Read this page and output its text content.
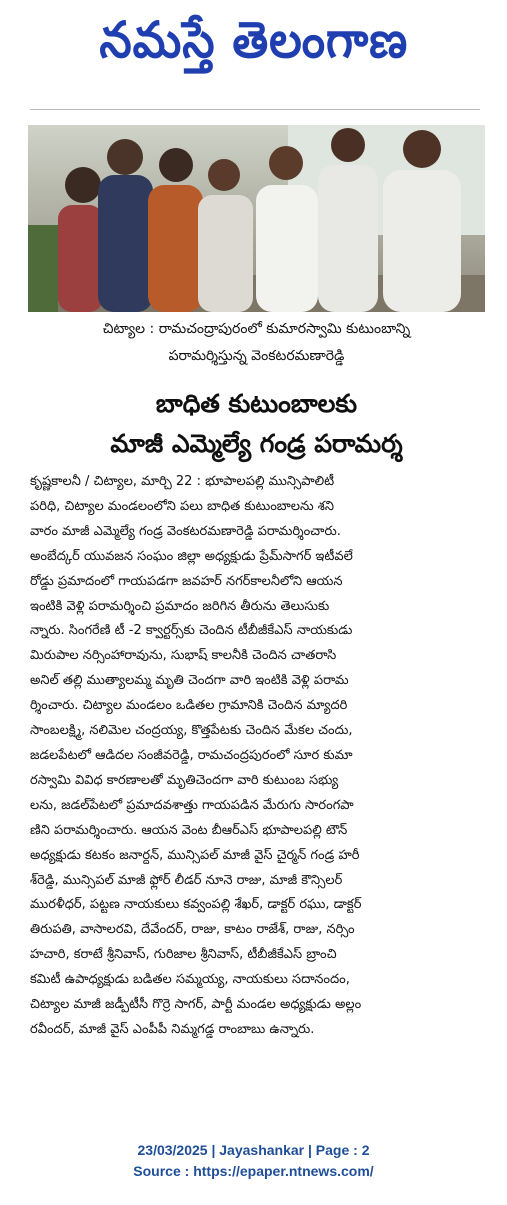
నమస్తే తెలంగాణ
చిట్యాల : రామచంద్రాపురంలో కుమారస్వామి కుటుంబాన్ని
పరామర్శిస్తున్న వెంకటరమణారెడ్డి
బాధిత కుటుంబాలకు
మాజీ ఎమ్మెల్యే గండ్ర పరామర్శ
కృష్ణకాలనీ / చిట్యాల, మార్చి 22 : భూపాలపల్లి మున్సిపాలిటీ
పరిధి, చిట్యాల మండలంలోని పలు బాధిత కుటుంబాలను శని
వారం మాజీ ఎమ్మెల్యే గండ్ర వెంకటరమణారెడ్డి పరామర్శించారు.
అంబేద్కర్ యువజన సంఘం జిల్లా అధ్యక్షుడు ప్రేమ్‌సాగర్ ఇటీవలే
రోడ్డు ప్రమాదంలో గాయపడగా జవహర్ నగర్‌కాలనీలోని ఆయన
ఇంటికి వెళ్లి పరామర్శించి ప్రమాదం జరిగిన తీరును తెలుసుకు
న్నారు. సింగరేణి టీ -2 క్వార్టర్స్‌కు చెందిన టీబీజీకేఎస్ నాయకుడు
మిరుపాల నర్సింహారావును, సుభాష్ కాలనీకి చెందిన చాతరాసి
అనిల్ తల్లి ముత్యాలమ్మ మృతి చెందగా వారి ఇంటికి వెళ్లి పరామ
ర్శించారు. చిట్యాల మండలం ఒడితల గ్రామానికి చెందిన మ్యాదరి
సాంబలక్ష్మి, నలిమెల చంద్రయ్య, కొత్తపేటకు చెందిన మేకల చందు,
జడలపేటలో ఆడిదల సంజీవరెడ్డి, రామచంద్రపురంలో సూర కుమా
రస్వామి వివిధ కారణాలతో మృతిచెందగా వారి కుటుంబ సభ్యు
లను, జడల్‌పేటలో ప్రమాదవశాత్తు గాయపడిన మేరుగు సారంగపా
ణిని పరామర్శించారు. ఆయన వెంట బీఆర్ఎస్ భూపాలపల్లి టౌన్
అధ్యక్షుడు కటకం జనార్దన్, మున్సిపల్ మాజీ వైస్ చైర్మన్ గండ్ర హరీ
శ్‌రెడ్డి, మున్సిపల్ మాజీ ఫ్లోర్ లీడర్ నూనె రాజు, మాజీ కౌన్సిలర్
మురళీధర్, పట్టణ నాయకులు కవ్వంపల్లి శేఖర్, డాక్టర్ రఘు, డాక్టర్
తిరుపతి, వాసాలరవి, దేవేందర్, రాజు, కాటం రాజేశ్, రాజు, నర్సిం
హచారి, కరాటే శ్రీనివాస్, గురిజాల శ్రీనివాస్, టీబీజీకేఎస్ బ్రాంచి
కమిటీ ఉపాధ్యక్షుడు బడితల సమ్మయ్య, నాయకులు సదానందం,
చిట్యాల మాజీ జడ్పీటీసీ గొర్రె సాగర్, పార్టీ మండల అధ్యక్షుడు అల్లం
రవీందర్, మాజీ వైస్ ఎంపీపీ నిమ్మగడ్డ రాంబాబు ఉన్నారు.
23/03/2025 | Jayashankar | Page : 2
Source : https://epaper.ntnews.com/
